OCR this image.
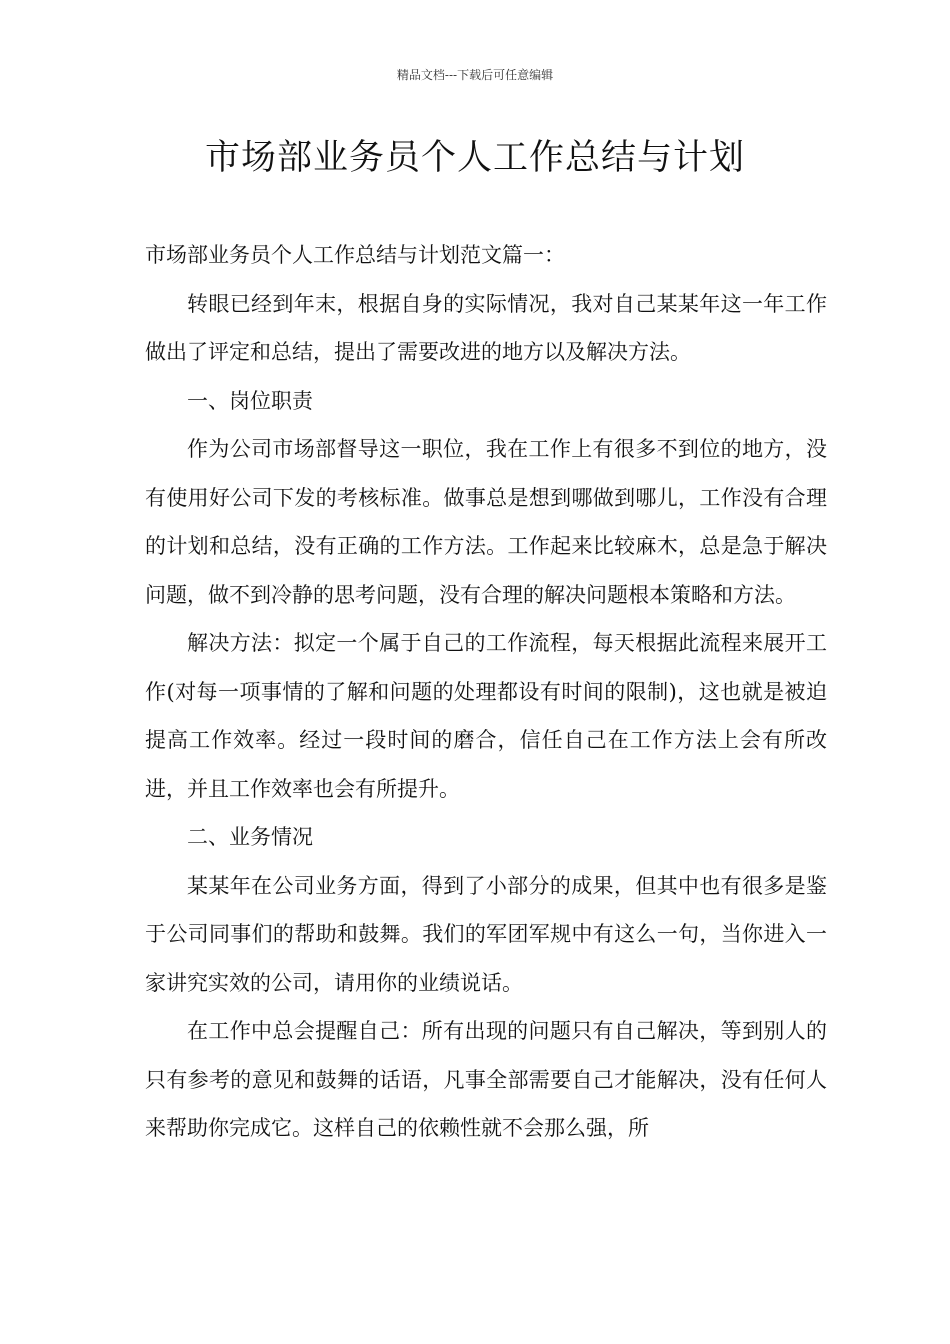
精品文档---下载后可任意编辑
市场部业务员个人工作总结与计划

市场部业务员个人工作总结与计划范文篇一：

转眼已经到年末，根据自身的实际情况，我对自己某某年这一年工作做出了评定和总结，提出了需要改进的地方以及解决方法。

一、岗位职责

作为公司市场部督导这一职位，我在工作上有很多不到位的地方，没有使用好公司下发的考核标准。做事总是想到哪做到哪儿，工作没有合理的计划和总结，没有正确的工作方法。工作起来比较麻木，总是急于解决问题，做不到冷静的思考问题，没有合理的解决问题根本策略和方法。

解决方法：拟定一个属于自己的工作流程，每天根据此流程来展开工作(对每一项事情的了解和问题的处理都设有时间的限制)，这也就是被迫提高工作效率。经过一段时间的磨合，信任自己在工作方法上会有所改进，并且工作效率也会有所提升。

二、业务情况

某某年在公司业务方面，得到了小部分的成果，但其中也有很多是鉴于公司同事们的帮助和鼓舞。我们的军团军规中有这么一句，当你进入一家讲究实效的公司，请用你的业绩说话。

在工作中总会提醒自己：所有出现的问题只有自己解决，等到别人的只有参考的意见和鼓舞的话语，凡事全部需要自己才能解决，没有任何人来帮助你完成它。这样自己的依赖性就不会那么强，所
